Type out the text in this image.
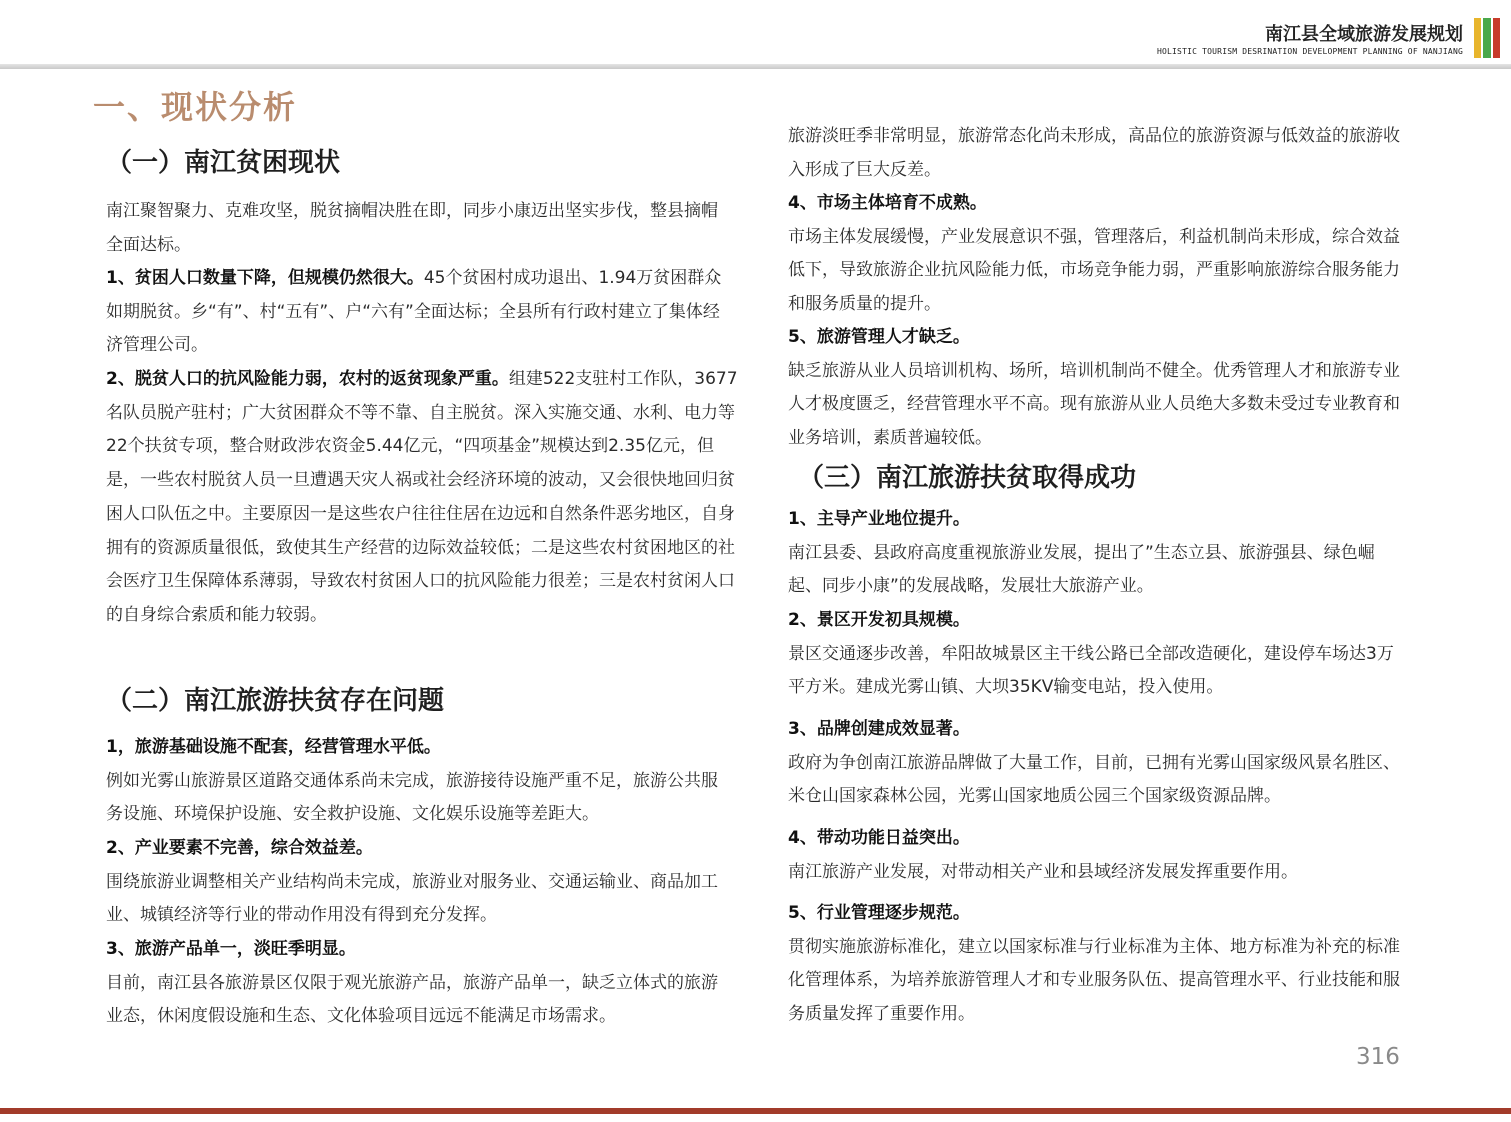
南江县全域旅游发展规划
HOLISTIC TOURISM DESRINATION DEVELOPMENT PLANNING OF NANJIANG
一、现状分析
（一）南江贫困现状

南江聚智聚力、克难攻坚，脱贫摘帽决胜在即，同步小康迈出坚实步伐，整县摘帽全面达标。

1、贫困人口数量下降，但规模仍然很大。45个贫困村成功退出、1.94万贫困群众如期脱贫。乡“有”、村“五有”、户“六有”全面达标；全县所有行政村建立了集体经济管理公司。

2、脱贫人口的抗风险能力弱，农村的返贫现象严重。组建522支驻村工作队，3677名队员脱产驻村；广大贫困群众不等不靠、自主脱贫。深入实施交通、水利、电力等22个扶贫专项，整合财政涉农资金5.44亿元，“四项基金”规模达到2.35亿元，但是，一些农村脱贫人员一旦遭遇天灾人祸或社会经济环境的波动，又会很快地回归贫困人口队伍之中。主要原因一是这些农户往往住居在边远和自然条件恶劣地区，自身拥有的资源质量很低，致使其生产经营的边际效益较低；二是这些农村贫困地区的社会医疗卫生保障体系薄弱，导致农村贫困人口的抗风险能力很差；三是农村贫闲人口的自身综合索质和能力较弱。

（二）南江旅游扶贫存在问题

1，旅游基础设施不配套，经营管理水平低。

例如光雾山旅游景区道路交通体系尚未完成，旅游接待设施严重不足，旅游公共服务设施、环境保护设施、安全救护设施、文化娱乐设施等差距大。

2、产业要素不完善，综合效益差。

围绕旅游业调整相关产业结构尚未完成，旅游业对服务业、交通运输业、商品加工业、城镇经济等行业的带动作用没有得到充分发挥。

3、旅游产品单一，淡旺季明显。

目前，南江县各旅游景区仅限于观光旅游产品，旅游产品单一，缺乏立体式的旅游业态，休闲度假设施和生态、文化体验项目远远不能满足市场需求。

旅游淡旺季非常明显，旅游常态化尚未形成，高品位的旅游资源与低效益的旅游收入形成了巨大反差。

4、市场主体培育不成熟。

市场主体发展缓慢，产业发展意识不强，管理落后，利益机制尚未形成，综合效益低下，导致旅游企业抗风险能力低，市场竞争能力弱，严重影响旅游综合服务能力和服务质量的提升。

5、旅游管理人才缺乏。

缺乏旅游从业人员培训机构、场所，培训机制尚不健全。优秀管理人才和旅游专业人才极度匮乏，经营管理水平不高。现有旅游从业人员绝大多数未受过专业教育和业务培训，素质普遍较低。

（三）南江旅游扶贫取得成功

1、主导产业地位提升。

南江县委、县政府高度重视旅游业发展，提出了”生态立县、旅游强县、绿色崛起、同步小康”的发展战略，发展壮大旅游产业。

2、景区开发初具规模。

景区交通逐步改善，牟阳故城景区主干线公路已全部改造硬化，建设停车场达3万平方米。建成光雾山镇、大坝35KV输变电站，投入使用。

3、品牌创建成效显著。

政府为争创南江旅游品牌做了大量工作，目前，已拥有光雾山国家级风景名胜区、米仓山国家森林公园，光雾山国家地质公园三个国家级资源品牌。

4、带动功能日益突出。

南江旅游产业发展，对带动相关产业和县域经济发展发挥重要作用。

5、行业管理逐步规范。

贯彻实施旅游标准化，建立以国家标准与行业标准为主体、地方标准为补充的标准化管理体系，为培养旅游管理人才和专业服务队伍、提高管理水平、行业技能和服务质量发挥了重要作用。

316
